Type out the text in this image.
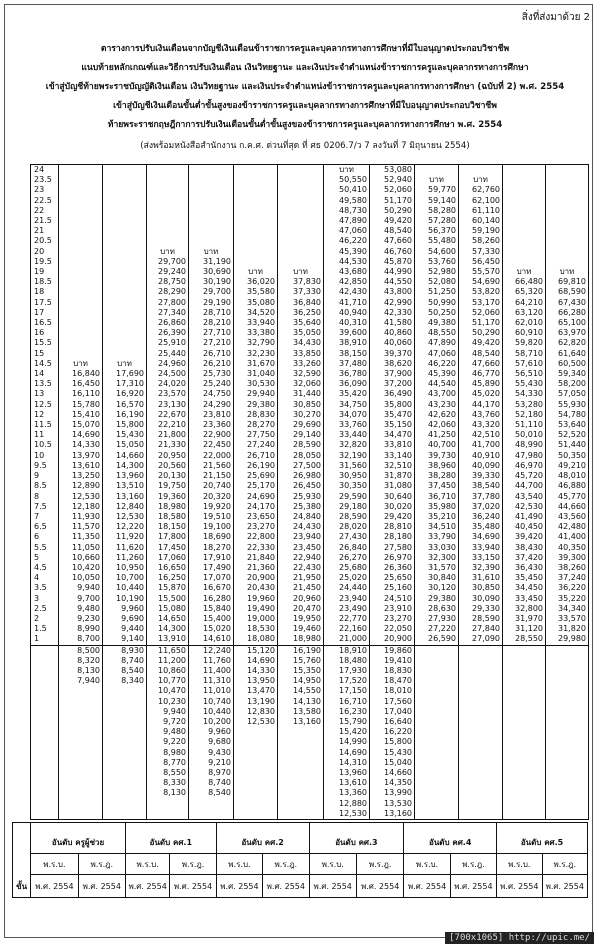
สิ่งที่ส่งมาด้วย 2
ตารางการปรับเงินเดือนจากบัญชีเงินเดือนข้าราชการครูและบุคลากรทางการศึกษาที่มีใบอนุญาตประกอบวิชาชีพ
แนบท้ายหลักเกณฑ์และวิธีการปรับเงินเดือน เงินวิทยฐานะ และเงินประจำตำแหน่งข้าราชการครูและบุคลากรทางการศึกษา
เข้าสู่บัญชีท้ายพระราชบัญญัติเงินเดือน เงินวิทยฐานะ และเงินประจำตำแหน่งข้าราชการครูและบุคลากรทางการศึกษา (ฉบับที่ 2) พ.ศ. 2554
เข้าสู่บัญชีเงินเดือนขั้นต่ำขั้นสูงของข้าราชการครูและบุคลากรทางการศึกษาที่มีใบอนุญาตประกอบวิชาชีพ
ท้ายพระราชกฤษฎีกาการปรับเงินเดือนขั้นต่ำขั้นสูงของข้าราชการครูและบุคลากรทางการศึกษา พ.ศ. 2554
(ส่งพร้อมหนังสือสำนักงาน ก.ค.ศ. ด่วนที่สุด ที่ ศธ 0206.7/ว 7 ลงวันที่ 7 มิถุนายน 2554)
24							บาท	53,080				
23.5							50,550	52,940	บาท	บาท		
23							50,410	52,060	59,770	62,760		
22.5							49,580	51,170	59,140	62,100		
22							48,730	50,290	58,280	61,110		
21.5							47,890	49,420	57,280	60,140		
21							47,060	48,540	56,370	59,190		
20.5							46,220	47,660	55,480	58,260		
20			บาท	บาท			45,390	46,760	54,600	57,330		
19.5			29,700	31,190			44,530	45,870	53,760	56,450		
19			29,240	30,690	บาท	บาท	43,680	44,990	52,980	55,570	บาท	บาท
18.5			28,750	30,190	36,020	37,830	42,850	44,550	52,080	54,690	66,480	69,810
18			28,290	29,700	35,580	37,330	42,430	43,800	51,250	53,820	65,320	68,590
17.5			27,800	29,190	35,080	36,840	41,710	42,990	50,990	53,170	64,210	67,430
17			27,340	28,710	34,520	36,250	40,940	42,330	50,250	52,060	63,120	66,280
16.5			26,860	28,210	33,940	35,640	40,310	41,580	49,380	51,170	62,010	65,100
16			26,390	27,710	33,380	35,050	39,600	40,860	48,550	50,290	60,910	63,970
15.5			25,910	27,210	32,790	34,430	38,910	40,060	47,890	49,420	59,820	62,820
15			25,440	26,710	32,230	33,850	38,150	39,370	47,060	48,540	58,710	61,640
14.5	บาท	บาท	24,960	26,210	31,670	33,260	37,480	38,620	46,220	47,660	57,610	60,500
14	16,840	17,690	24,500	25,730	31,040	32,590	36,780	37,900	45,390	46,770	56,510	59,340
13.5	16,450	17,310	24,020	25,240	30,530	32,060	36,090	37,200	44,540	45,890	55,430	58,200
13	16,110	16,920	23,570	24,750	29,940	31,440	35,420	36,490	43,700	45,020	54,330	57,050
12.5	15,780	16,570	23,130	24,290	29,380	30,850	34,750	35,800	43,230	44,170	53,280	55,930
12	15,410	16,190	22,670	23,810	28,830	30,270	34,070	35,470	42,620	43,760	52,180	54,780
11.5	15,070	15,800	22,210	23,360	28,270	29,690	33,760	35,150	42,060	43,320	51,110	53,640
11	14,690	15,430	21,800	22,900	27,750	29,140	33,440	34,470	41,250	42,510	50,010	52,520
10.5	14,330	15,050	21,330	22,450	27,240	28,590	32,820	33,810	40,700	41,700	48,990	51,440
10	13,970	14,660	20,950	22,000	26,710	28,050	32,190	33,140	39,730	40,910	47,980	50,350
9.5	13,610	14,300	20,560	21,560	26,190	27,500	31,560	32,510	38,960	40,090	46,970	49,210
9	13,250	13,960	20,130	21,150	25,690	26,980	30,950	31,870	38,280	39,330	45,720	48,010
8.5	12,890	13,510	19,750	20,740	25,170	26,450	30,350	31,080	37,450	38,540	44,700	46,880
8	12,530	13,160	19,360	20,320	24,690	25,930	29,590	30,640	36,710	37,780	43,540	45,770
7.5	12,180	12,840	18,980	19,920	24,170	25,380	29,180	30,020	35,980	37,020	42,530	44,660
7	11,930	12,530	18,580	19,510	23,650	24,840	28,590	29,420	35,210	36,240	41,490	43,560
6.5	11,570	12,220	18,150	19,100	23,270	24,430	28,020	28,810	34,510	35,480	40,450	42,480
6	11,350	11,920	17,800	18,690	22,800	23,940	27,430	28,180	33,790	34,690	39,420	41,400
5.5	11,050	11,620	17,450	18,270	22,330	23,450	26,840	27,580	33,030	33,940	38,430	40,350
5	10,660	11,260	17,060	17,910	21,840	22,940	26,270	26,970	32,300	33,150	37,420	39,300
4.5	10,420	10,950	16,650	17,490	21,360	22,430	25,680	26,360	31,570	32,390	36,430	38,260
4	10,050	10,700	16,250	17,070	20,900	21,950	25,020	25,650	30,840	31,610	35,450	37,240
3.5	9,940	10,440	15,870	16,670	20,430	21,450	24,440	25,160	30,120	30,850	34,450	36,220
3	9,700	10,190	15,500	16,280	19,960	20,960	23,940	24,510	29,380	30,090	33,450	35,220
2.5	9,480	9,960	15,080	15,840	19,490	20,470	23,490	23,910	28,630	29,330	32,800	34,340
2	9,230	9,690	14,650	15,400	19,000	19,950	22,770	23,270	27,930	28,590	31,970	33,570
1.5	8,990	9,440	14,300	15,020	18,530	19,460	22,160	22,050	27,220	27,840	31,120	31,820
1	8,700	9,140	13,910	14,610	18,080	18,980	21,000	20,900	26,590	27,090	28,550	29,980
	8,500	8,930	11,650	12,240	15,120	16,190	18,910	19,860				
	8,320	8,740	11,200	11,760	14,690	15,760	18,480	19,410				
	8,130	8,540	10,860	11,400	14,330	15,350	17,930	18,830				
	7,940	8,340	10,770	11,310	13,950	14,950	17,520	18,470				
			10,470	11,010	13,470	14,550	17,150	18,010				
			10,230	10,740	13,190	14,130	16,710	17,560				
			9,940	10,440	12,830	13,580	16,230	17,040				
			9,720	10,200	12,530	13,160	15,790	16,640				
			9,480	9,960			15,420	16,220				
			9,220	9,680			14,990	15,800				
			8,980	9,430			14,690	15,430				
			8,770	9,210			14,310	15,040				
			8,550	8,970			13,960	14,660				
			8,330	8,740			13,610	14,350				
			8,130	8,540			13,360	13,990				
							12,880	13,530				
							12,530	13,160				
ขั้น	อันดับ ครูผู้ช่วย		อันดับ คศ.1		อันดับ คศ.2		อันดับ คศ.3		อันดับ คศ.4		อันดับ คศ.5	
	พ.ร.บ.	พ.ร.ฎ.	พ.ร.บ.	พ.ร.ฎ.	พ.ร.บ.	พ.ร.ฎ.	พ.ร.บ.	พ.ร.ฎ.	พ.ร.บ.	พ.ร.ฎ.	พ.ร.บ.	พ.ร.ฎ.
	พ.ศ. 2554	พ.ศ. 2554	พ.ศ. 2554	พ.ศ. 2554	พ.ศ. 2554	พ.ศ. 2554	พ.ศ. 2554	พ.ศ. 2554	พ.ศ. 2554	พ.ศ. 2554	พ.ศ. 2554	พ.ศ. 2554
[700x1065] http://upic.me/
